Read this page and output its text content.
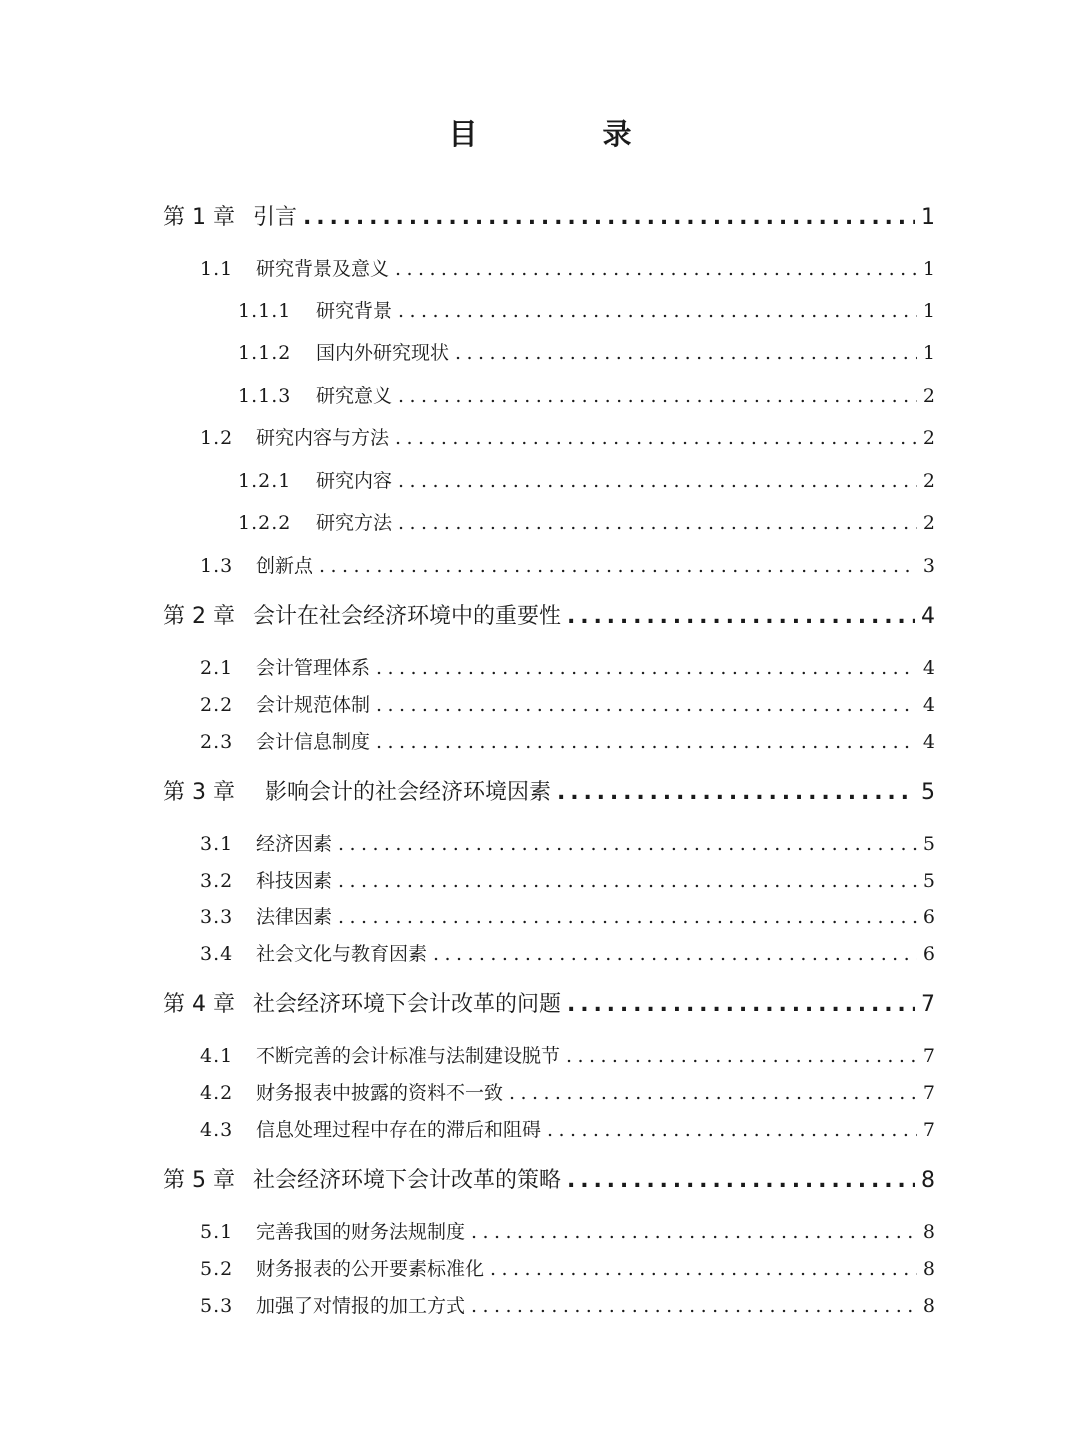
目　录
第 1 章 引言 . . .	1
1.1	研究背景及意义 . . .	1
1.1.1	研究背景 . . .	1
1.1.2	国内外研究现状 . . .	1
1.1.3	研究意义 . . .	2
1.2	研究内容与方法 . . .	2
1.2.1	研究内容 . . .	2
1.2.2	研究方法 . . .	2
1.3	创新点 . . .	3
第 2 章 会计在社会经济环境中的重要性 . . .	4
2.1	会计管理体系 . . .	4
2.2	会计规范体制 . . .	4
2.3	会计信息制度 . . .	4
第 3 章	影响会计的社会经济环境因素 . . .	5
3.1	经济因素 . . .	5
3.2	科技因素 . . .	5
3.3	法律因素 . . .	6
3.4	社会文化与教育因素 . . .	6
第 4 章 社会经济环境下会计改革的问题 . . .	7
4.1	不断完善的会计标准与法制建设脱节 . . .	7
4.2	财务报表中披露的资料不一致 . . .	7
4.3	信息处理过程中存在的滞后和阻碍 . . .	7
第 5 章 社会经济环境下会计改革的策略 . . .	8
5.1	完善我国的财务法规制度 . . .	8
5.2	财务报表的公开要素标准化 . . .	8
5.3	加强了对情报的加工方式 . . .	8
